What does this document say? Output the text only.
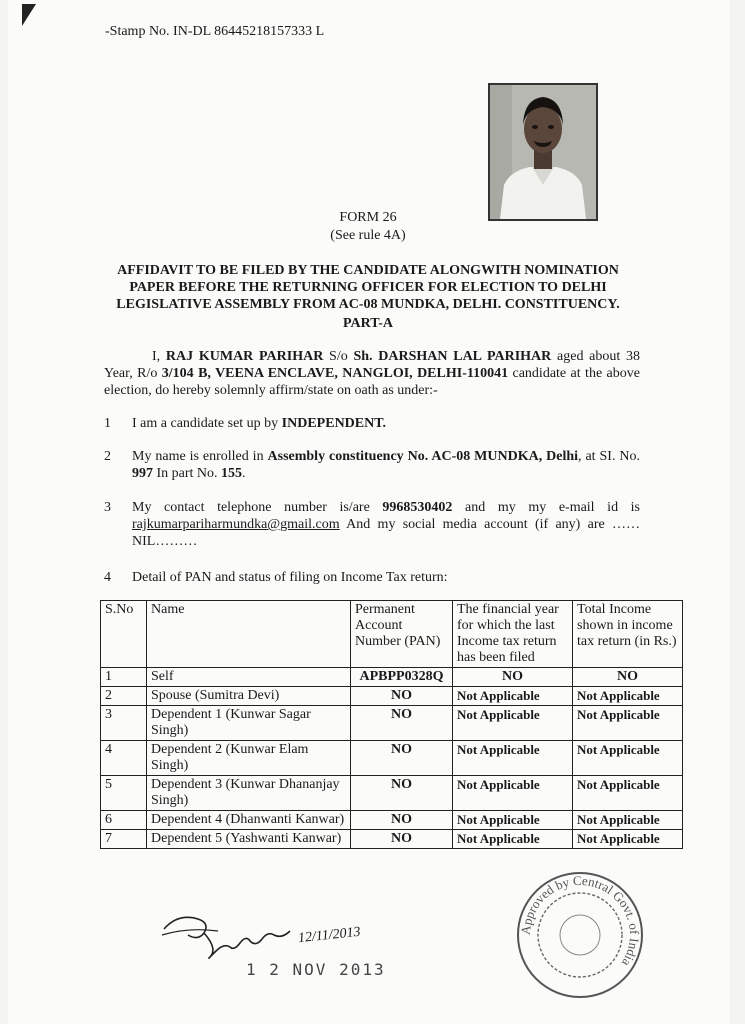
-Stamp No. IN-DL 86445218157333 L
FORM 26
(See rule 4A)
AFFIDAVIT TO BE FILED BY THE CANDIDATE ALONGWITH NOMINATION PAPER BEFORE THE RETURNING OFFICER FOR ELECTION TO DELHI LEGISLATIVE ASSEMBLY FROM AC-08 MUNDKA, DELHI. CONSTITUENCY.
PART-A
I, RAJ KUMAR PARIHAR S/o Sh. DARSHAN LAL PARIHAR aged about 38 Year, R/o 3/104 B, VEENA ENCLAVE, NANGLOI, DELHI-110041 candidate at the above election, do hereby solemnly affirm/state on oath as under:-
1	I am a candidate set up by INDEPENDENT.
2	My name is enrolled in Assembly constituency No. AC-08 MUNDKA, Delhi, at SI. No. 997 In part No. 155.
3	My contact telephone number is/are 9968530402 and my my e-mail id is rajkumarpariharmundka@gmail.com And my social media account (if any) are ……NIL………
4	Detail of PAN and status of filing on Income Tax return:
S.No	Name	Permanent Account Number (PAN)	The financial year for which the last Income tax return has been filed	Total Income shown in income tax return (in Rs.)
1	Self	APBPP0328Q	NO	NO
2	Spouse (Sumitra Devi)	NO	Not Applicable	Not Applicable
3	Dependent 1 (Kunwar Sagar Singh)	NO	Not Applicable	Not Applicable
4	Dependent 2 (Kunwar Elam Singh)	NO	Not Applicable	Not Applicable
5	Dependent 3 (Kunwar Dhananjay Singh)	NO	Not Applicable	Not Applicable
6	Dependent 4 (Dhanwanti Kanwar)	NO	Not Applicable	Not Applicable
7	Dependent 5 (Yashwanti Kanwar)	NO	Not Applicable	Not Applicable
12/11/2013
1 2 NOV 2013
Approved by Central Govt. of India
